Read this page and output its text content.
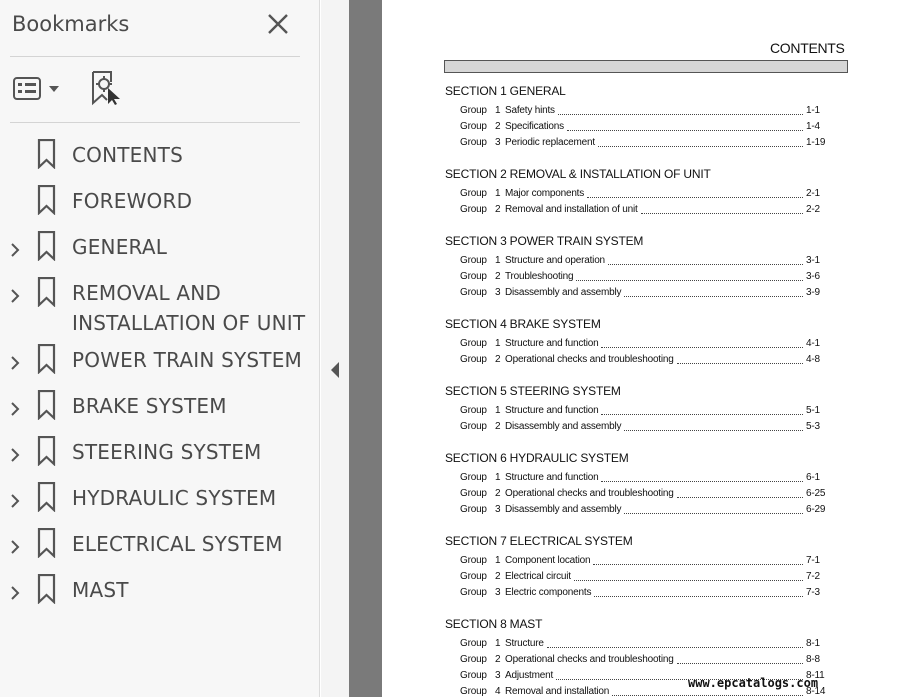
Bookmarks
CONTENTS
FOREWORD
GENERAL
REMOVAL AND INSTALLATION OF UNIT
POWER TRAIN SYSTEM
BRAKE SYSTEM
STEERING SYSTEM
HYDRAULIC SYSTEM
ELECTRICAL SYSTEM
MAST
CONTENTS
SECTION 1 GENERAL
Group 1 Safety hints	1-1
Group 2 Specifications	1-4
Group 3 Periodic replacement	1-19
SECTION 2 REMOVAL & INSTALLATION OF UNIT
Group 1 Major components	2-1
Group 2 Removal and installation of unit	2-2
SECTION 3 POWER TRAIN SYSTEM
Group 1 Structure and operation	3-1
Group 2 Troubleshooting	3-6
Group 3 Disassembly and assembly	3-9
SECTION 4 BRAKE SYSTEM
Group 1 Structure and function	4-1
Group 2 Operational checks and troubleshooting	4-8
SECTION 5 STEERING SYSTEM
Group 1 Structure and function	5-1
Group 2 Disassembly and assembly	5-3
SECTION 6 HYDRAULIC SYSTEM
Group 1 Structure and function	6-1
Group 2 Operational checks and troubleshooting	6-25
Group 3 Disassembly and assembly	6-29
SECTION 7 ELECTRICAL SYSTEM
Group 1 Component location	7-1
Group 2 Electrical circuit	7-2
Group 3 Electric components	7-3
SECTION 8 MAST
Group 1 Structure	8-1
Group 2 Operational checks and troubleshooting	8-8
Group 3 Adjustment	8-11
Group 4 Removal and installation	8-14
www.epcatalogs.com
